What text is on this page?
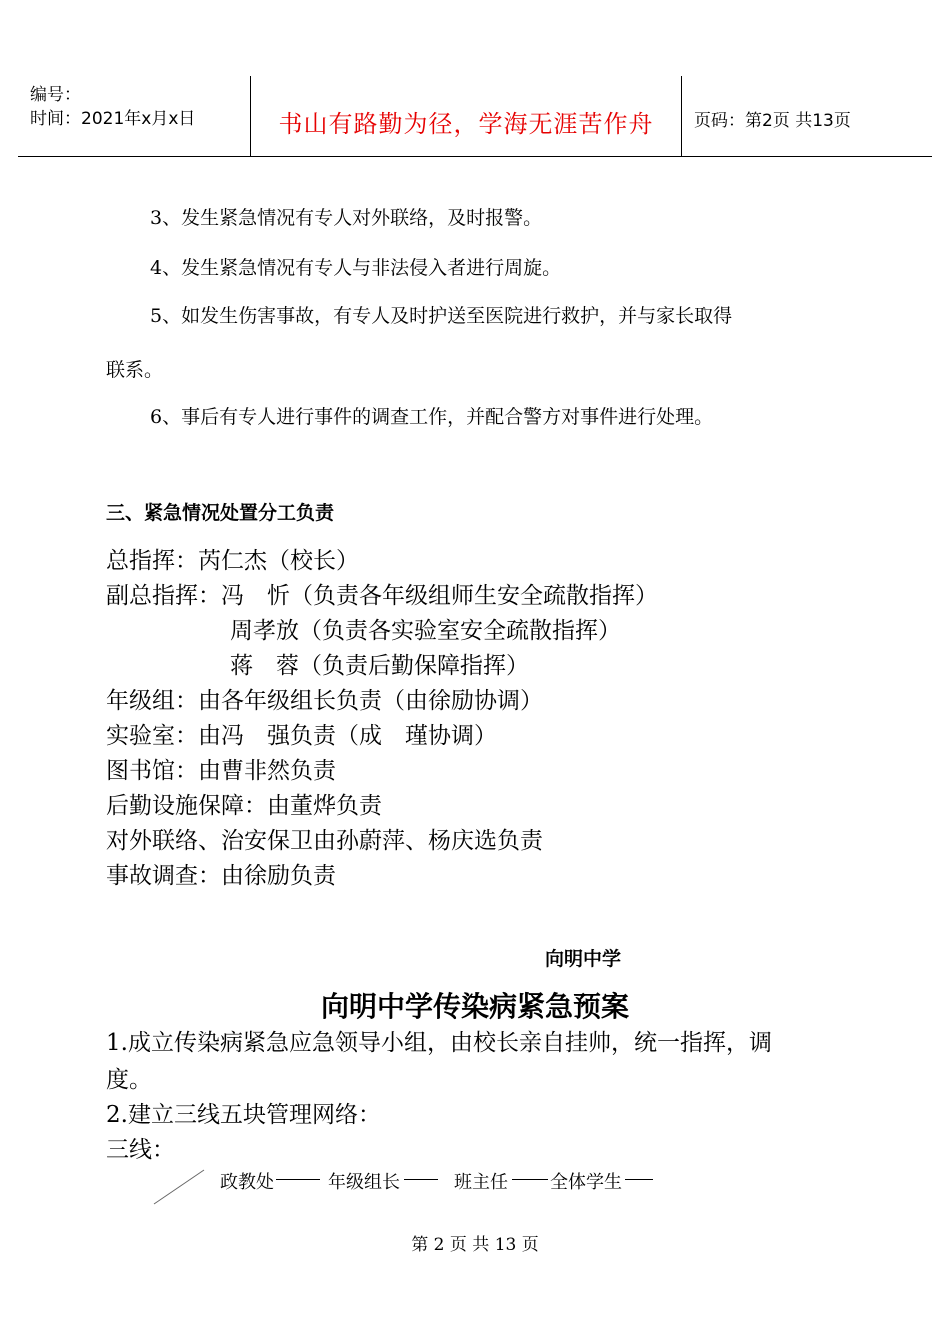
编号：
时间：2021年x月x日	书山有路勤为径，学海无涯苦作舟	页码：第2页 共13页
3、发生紧急情况有专人对外联络，及时报警。
4、发生紧急情况有专人与非法侵入者进行周旋。
5、如发生伤害事故，有专人及时护送至医院进行救护，并与家长取得
联系。
6、事后有专人进行事件的调查工作，并配合警方对事件进行处理。
三、紧急情况处置分工负责
总指挥：芮仁杰（校长）
副总指挥：冯　忻（负责各年级组师生安全疏散指挥）
周孝放（负责各实验室安全疏散指挥）
蒋　蓉（负责后勤保障指挥）
年级组：由各年级组长负责（由徐励协调）
实验室：由冯　强负责（成　瑾协调）
图书馆：由曹非然负责
后勤设施保障：由董烨负责
对外联络、治安保卫由孙蔚萍、杨庆选负责
事故调查：由徐励负责
向明中学
向明中学传染病紧急预案
1.成立传染病紧急应急领导小组，由校长亲自挂帅，统一指挥，调
度。
2.建立三线五块管理网络：
三线：
政教处	年级组长	班主任 全体学生
第 2 页 共 13 页
